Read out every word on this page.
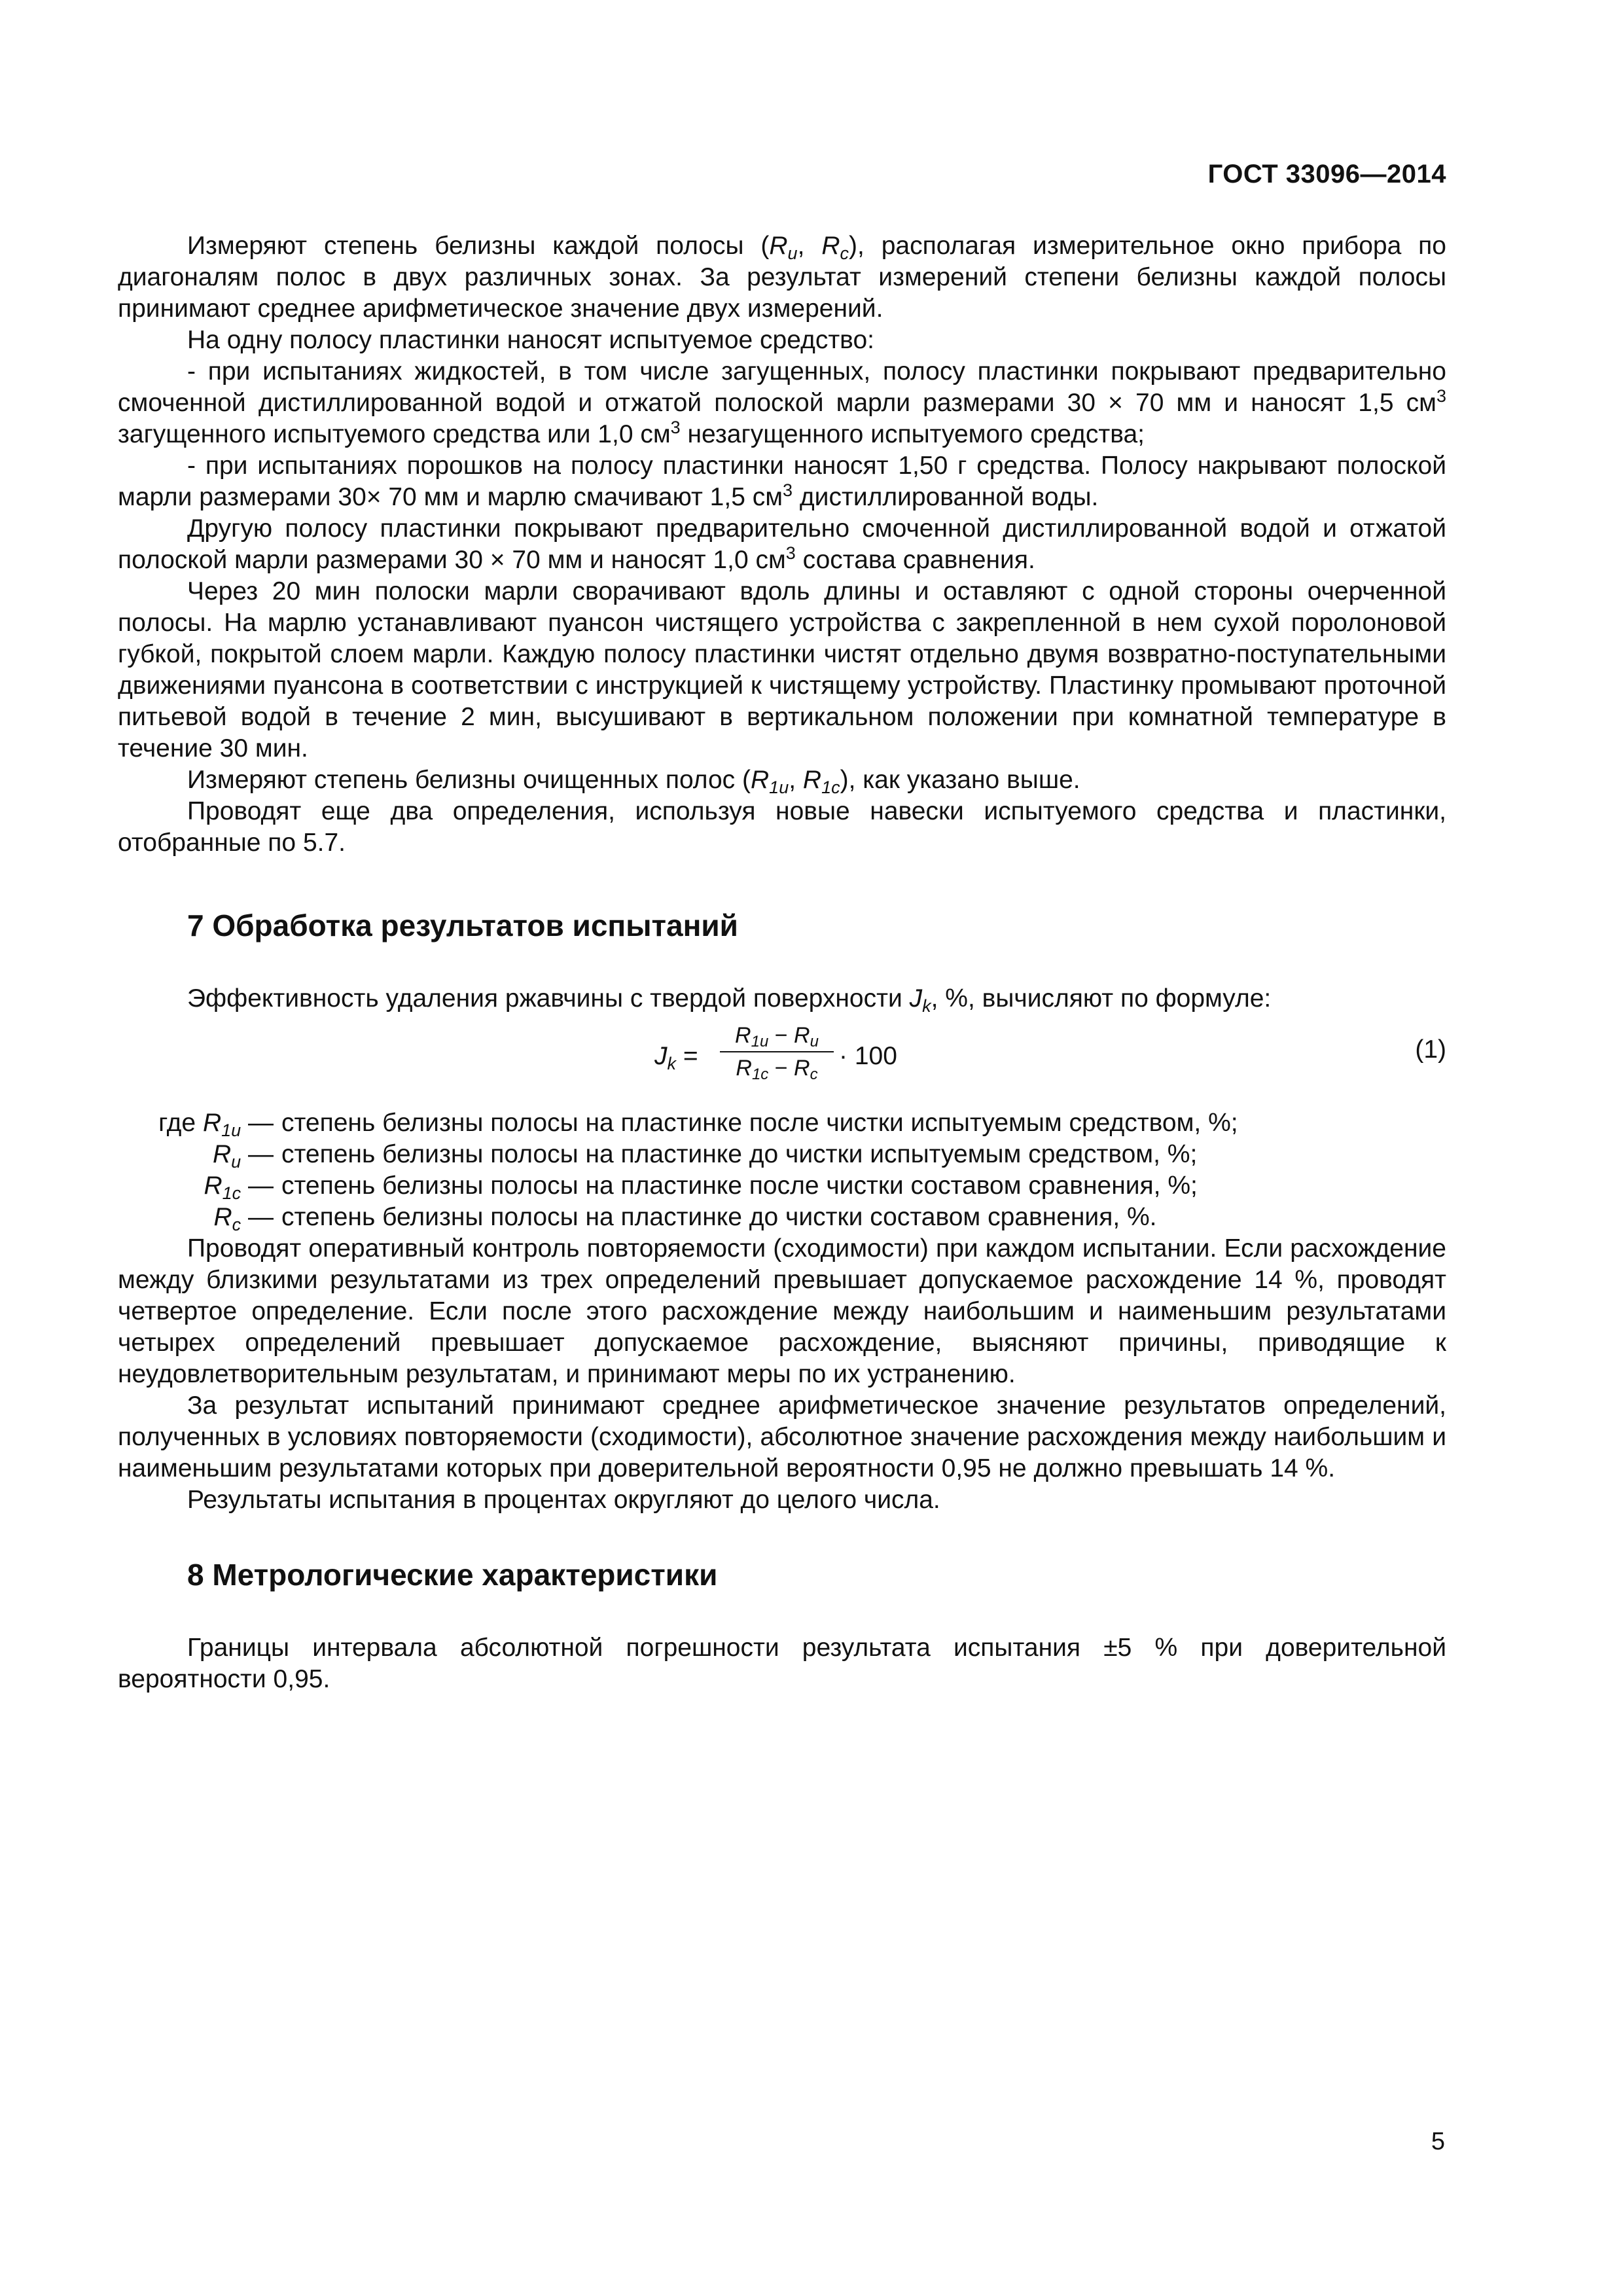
ГОСТ 33096—2014

Измеряют степень белизны каждой полосы ($R_u$, $R_c$), располагая измерительное окно прибора по диагоналям полос в двух различных зонах. За результат измерений степени белизны каждой полосы принимают среднее арифметическое значение двух измерений.

На одну полосу пластинки наносят испытуемое средство:

- при испытаниях жидкостей, в том числе загущенных, полосу пластинки покрывают предварительно смоченной дистиллированной водой и отжатой полоской марли размерами 30 × 70 мм и наносят 1,5 $см^3$ загущенного испытуемого средства или 1,0 $см^3$ незагущенного испытуемого средства;

- при испытаниях порошков на полосу пластинки наносят 1,50 г средства. Полосу накрывают полоской марли размерами 30× 70 мм и марлю смачивают 1,5 $см^3$ дистиллированной воды.

Другую полосу пластинки покрывают предварительно смоченной дистиллированной водой и отжатой полоской марли размерами 30 × 70 мм и наносят 1,0 $см^3$ состава сравнения.

Через 20 мин полоски марли сворачивают вдоль длины и оставляют с одной стороны очерченной полосы. На марлю устанавливают пуансон чистящего устройства с закрепленной в нем сухой поролоновой губкой, покрытой слоем марли. Каждую полосу пластинки чистят отдельно двумя возвратно-поступательными движениями пуансона в соответствии с инструкцией к чистящему устройству. Пластинку промывают проточной питьевой водой в течение 2 мин, высушивают в вертикальном положении при комнатной температуре в течение 30 мин.

Измеряют степень белизны очищенных полос ($R_{1u}$, $R_{1c}$), как указано выше.

Проводят еще два определения, используя новые навески испытуемого средства и пластинки, отобранные по 5.7.

7 Обработка результатов испытаний

Эффективность удаления ржавчины с твердой поверхности $J_k$, %, вычисляют по формуле:

$J_k = \frac{R_{1u} - R_u}{R_{1c} - R_c} \cdot 100$	(1)
где $R_{1u}$ — степень белизны полосы на пластинке после чистки испытуемым средством, %;
$R_u$ — степень белизны полосы на пластинке до чистки испытуемым средством, %;
$R_{1c}$ — степень белизны полосы на пластинке после чистки составом сравнения, %;
$R_c$ — степень белизны полосы на пластинке до чистки составом сравнения, %.

Проводят оперативный контроль повторяемости (сходимости) при каждом испытании. Если расхождение между близкими результатами из трех определений превышает допускаемое расхождение 14 %, проводят четвертое определение. Если после этого расхождение между наибольшим и наименьшим результатами четырех определений превышает допускаемое расхождение, выясняют причины, приводящие к неудовлетворительным результатам, и принимают меры по их устранению.

За результат испытаний принимают среднее арифметическое значение результатов определений, полученных в условиях повторяемости (сходимости), абсолютное значение расхождения между наибольшим и наименьшим результатами которых при доверительной вероятности 0,95 не должно превышать 14 %.

Результаты испытания в процентах округляют до целого числа.

8 Метрологические характеристики

Границы интервала абсолютной погрешности результата испытания ±5 % при доверительной вероятности 0,95.

5
